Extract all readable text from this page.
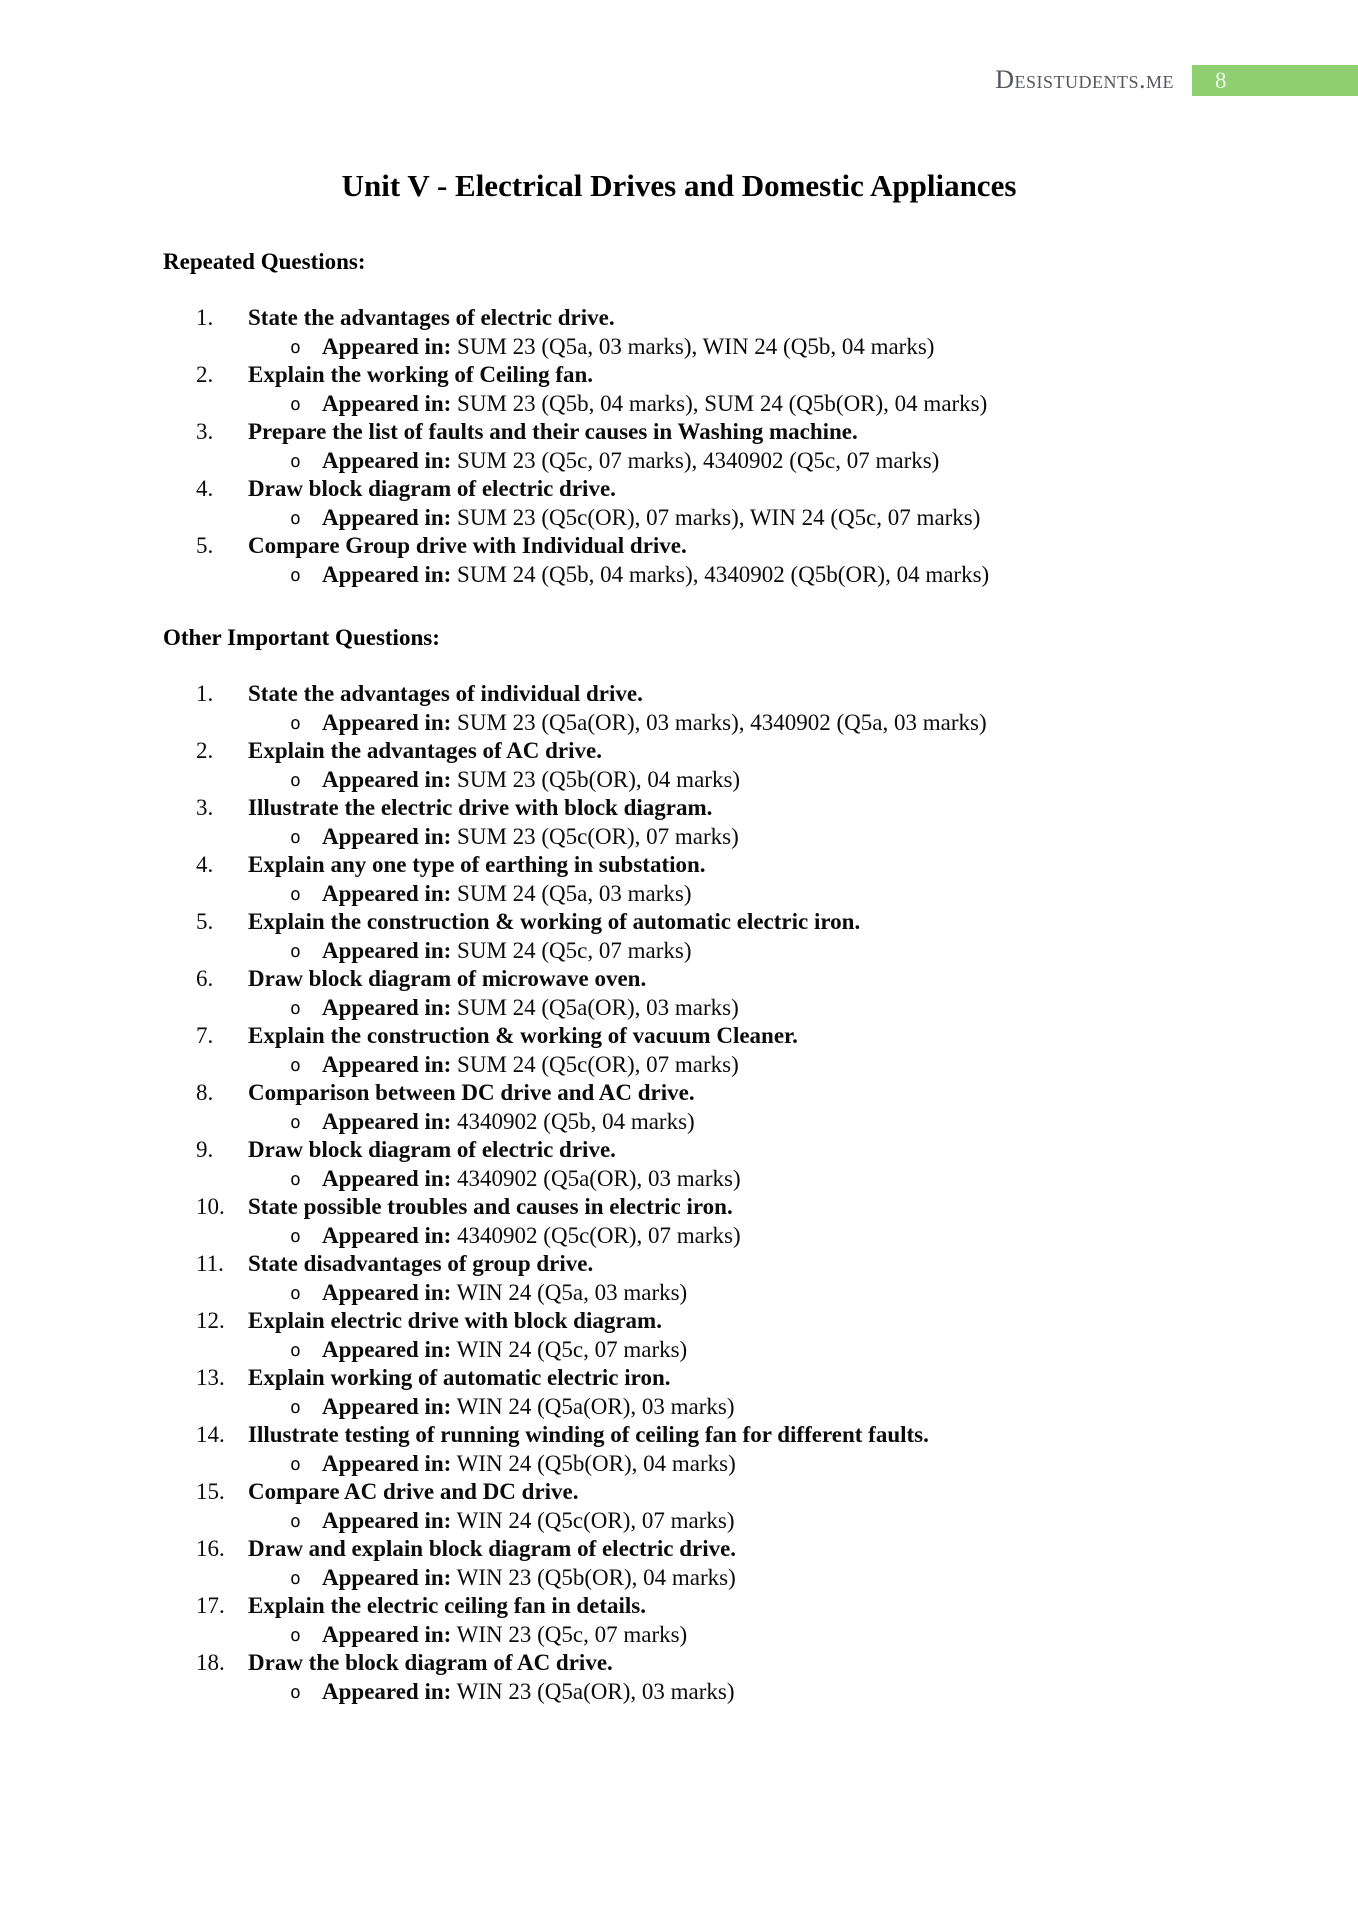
Desistudents.me 8
Unit V - Electrical Drives and Domestic Appliances
Repeated Questions:
1. State the advantages of electric drive.
o Appeared in: SUM 23 (Q5a, 03 marks), WIN 24 (Q5b, 04 marks)
2. Explain the working of Ceiling fan.
o Appeared in: SUM 23 (Q5b, 04 marks), SUM 24 (Q5b(OR), 04 marks)
3. Prepare the list of faults and their causes in Washing machine.
o Appeared in: SUM 23 (Q5c, 07 marks), 4340902 (Q5c, 07 marks)
4. Draw block diagram of electric drive.
o Appeared in: SUM 23 (Q5c(OR), 07 marks), WIN 24 (Q5c, 07 marks)
5. Compare Group drive with Individual drive.
o Appeared in: SUM 24 (Q5b, 04 marks), 4340902 (Q5b(OR), 04 marks)
Other Important Questions:
1. State the advantages of individual drive.
o Appeared in: SUM 23 (Q5a(OR), 03 marks), 4340902 (Q5a, 03 marks)
2. Explain the advantages of AC drive.
o Appeared in: SUM 23 (Q5b(OR), 04 marks)
3. Illustrate the electric drive with block diagram.
o Appeared in: SUM 23 (Q5c(OR), 07 marks)
4. Explain any one type of earthing in substation.
o Appeared in: SUM 24 (Q5a, 03 marks)
5. Explain the construction & working of automatic electric iron.
o Appeared in: SUM 24 (Q5c, 07 marks)
6. Draw block diagram of microwave oven.
o Appeared in: SUM 24 (Q5a(OR), 03 marks)
7. Explain the construction & working of vacuum Cleaner.
o Appeared in: SUM 24 (Q5c(OR), 07 marks)
8. Comparison between DC drive and AC drive.
o Appeared in: 4340902 (Q5b, 04 marks)
9. Draw block diagram of electric drive.
o Appeared in: 4340902 (Q5a(OR), 03 marks)
10. State possible troubles and causes in electric iron.
o Appeared in: 4340902 (Q5c(OR), 07 marks)
11. State disadvantages of group drive.
o Appeared in: WIN 24 (Q5a, 03 marks)
12. Explain electric drive with block diagram.
o Appeared in: WIN 24 (Q5c, 07 marks)
13. Explain working of automatic electric iron.
o Appeared in: WIN 24 (Q5a(OR), 03 marks)
14. Illustrate testing of running winding of ceiling fan for different faults.
o Appeared in: WIN 24 (Q5b(OR), 04 marks)
15. Compare AC drive and DC drive.
o Appeared in: WIN 24 (Q5c(OR), 07 marks)
16. Draw and explain block diagram of electric drive.
o Appeared in: WIN 23 (Q5b(OR), 04 marks)
17. Explain the electric ceiling fan in details.
o Appeared in: WIN 23 (Q5c, 07 marks)
18. Draw the block diagram of AC drive.
o Appeared in: WIN 23 (Q5a(OR), 03 marks)
